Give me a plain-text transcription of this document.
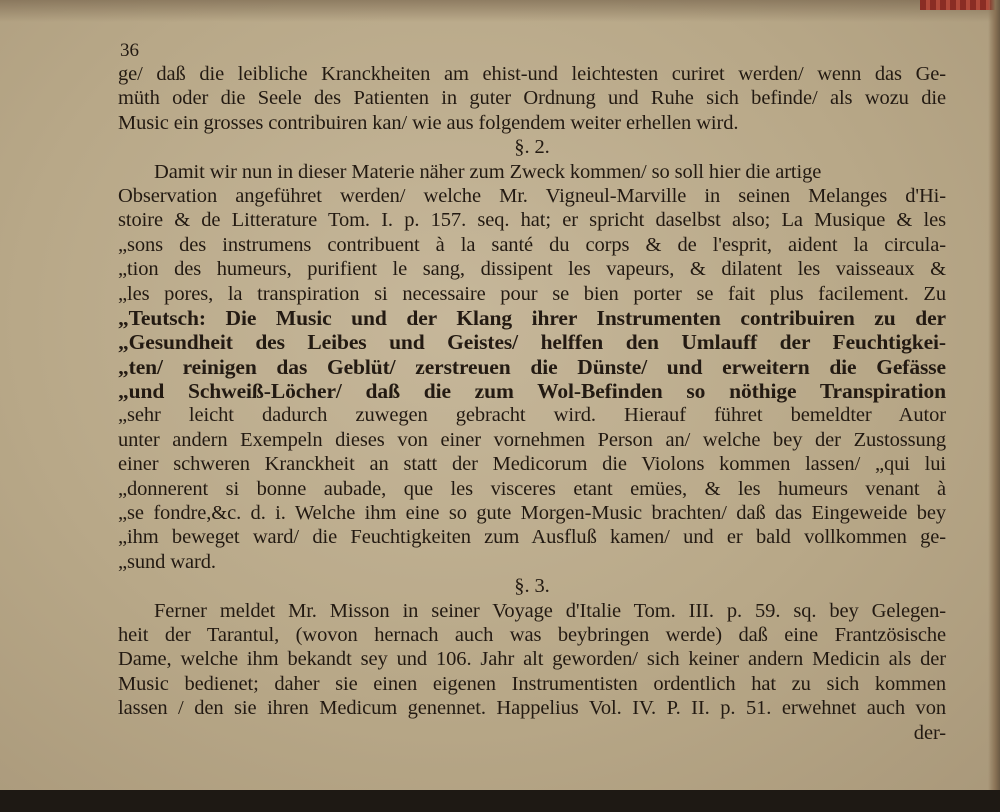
36
ge/ daß die leibliche Kranckheiten am ehist-und leichtesten curiret werden/ wenn das Ge-
müth oder die Seele des Patienten in guter Ordnung und Ruhe sich befinde/ als wozu die
Music ein grosses contribuiren kan/ wie aus folgendem weiter erhellen wird.
§. 2.
Damit wir nun in dieser Materie näher zum Zweck kommen/ so soll hier die artige
Observation angeführet werden/ welche Mr. Vigneul-Marville in seinen Melanges d'Hi-
stoire & de Litterature Tom. I. p. 157. seq. hat; er spricht daselbst also; La Musique & les
„sons des instrumens contribuent à la santé du corps & de l'esprit, aident la circula-
„tion des humeurs, purifient le sang, dissipent les vapeurs, & dilatent les vaisseaux &
„les pores, la transpiration si necessaire pour se bien porter se fait plus facilement. Zu
„Teutsch: Die Music und der Klang ihrer Instrumenten contribuiren zu der
„Gesundheit des Leibes und Geistes/ helffen den Umlauff der Feuchtigkei-
„ten/ reinigen das Geblüt/ zerstreuen die Dünste/ und erweitern die Gefässe
„und Schweiß-Löcher/ daß die zum Wol-Befinden so nöthige Transpiration
„sehr leicht dadurch zuwegen gebracht wird. Hierauf führet bemeldter Autor
unter andern Exempeln dieses von einer vornehmen Person an/ welche bey der Zustossung
einer schweren Kranckheit an statt der Medicorum die Violons kommen lassen/ „qui lui
„donnerent si bonne aubade, que les visceres etant emües, & les humeurs venant à
„se fondre,&c. d. i. Welche ihm eine so gute Morgen-Music brachten/ daß das Eingeweide bey
„ihm beweget ward/ die Feuchtigkeiten zum Ausfluß kamen/ und er bald vollkommen ge-
„sund ward.
§. 3.
Ferner meldet Mr. Misson in seiner Voyage d'Italie Tom. III. p. 59. sq. bey Gelegen-
heit der Tarantul, (wovon hernach auch was beybringen werde) daß eine Frantzösische
Dame, welche ihm bekandt sey und 106. Jahr alt geworden/ sich keiner andern Medicin als der
Music bedienet; daher sie einen eigenen Instrumentisten ordentlich hat zu sich kommen
lassen / den sie ihren Medicum genennet. Happelius Vol. IV. P. II. p. 51. erwehnet auch von
der-
